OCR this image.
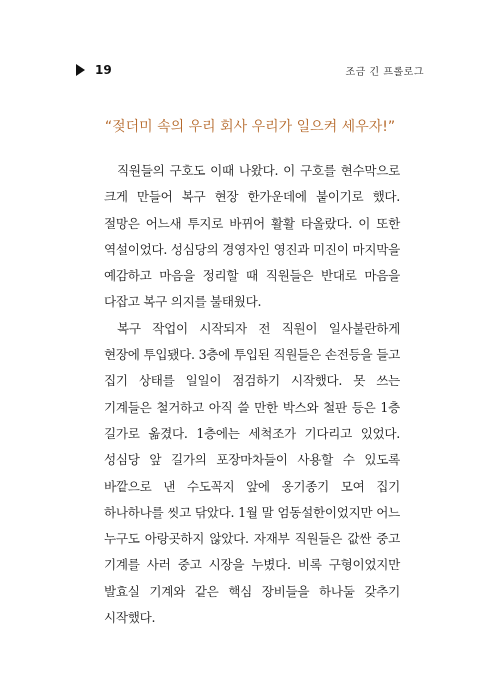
19	조금 긴 프롤로그
“젖더미 속의 우리 회사 우리가 일으켜 세우자!”

직원들의 구호도 이때 나왔다. 이 구호를 현수막으로 크게 만들어 복구 현장 한가운데에 붙이기로 했다. 절망은 어느새 투지로 바뀌어 활활 타올랐다. 이 또한 역설이었다. 성심당의 경영자인 영진과 미진이 마지막을 예감하고 마음을 정리할 때 직원들은 반대로 마음을 다잡고 복구 의지를 불태웠다.

복구 작업이 시작되자 전 직원이 일사불란하게 현장에 투입됐다. 3층에 투입된 직원들은 손전등을 들고 집기 상태를 일일이 점검하기 시작했다. 못 쓰는 기계들은 철거하고 아직 쓸 만한 박스와 철판 등은 1층 길가로 옮겼다. 1층에는 세척조가 기다리고 있었다. 성심당 앞 길가의 포장마차들이 사용할 수 있도록 바깥으로 낸 수도꼭지 앞에 옹기종기 모여 집기 하나하나를 씻고 닦았다. 1월 말 엄동설한이었지만 어느 누구도 아랑곳하지 않았다. 자재부 직원들은 값싼 중고 기계를 사러 중고 시장을 누볐다. 비록 구형이었지만 발효실 기계와 같은 핵심 장비들을 하나둘 갖추기 시작했다.
